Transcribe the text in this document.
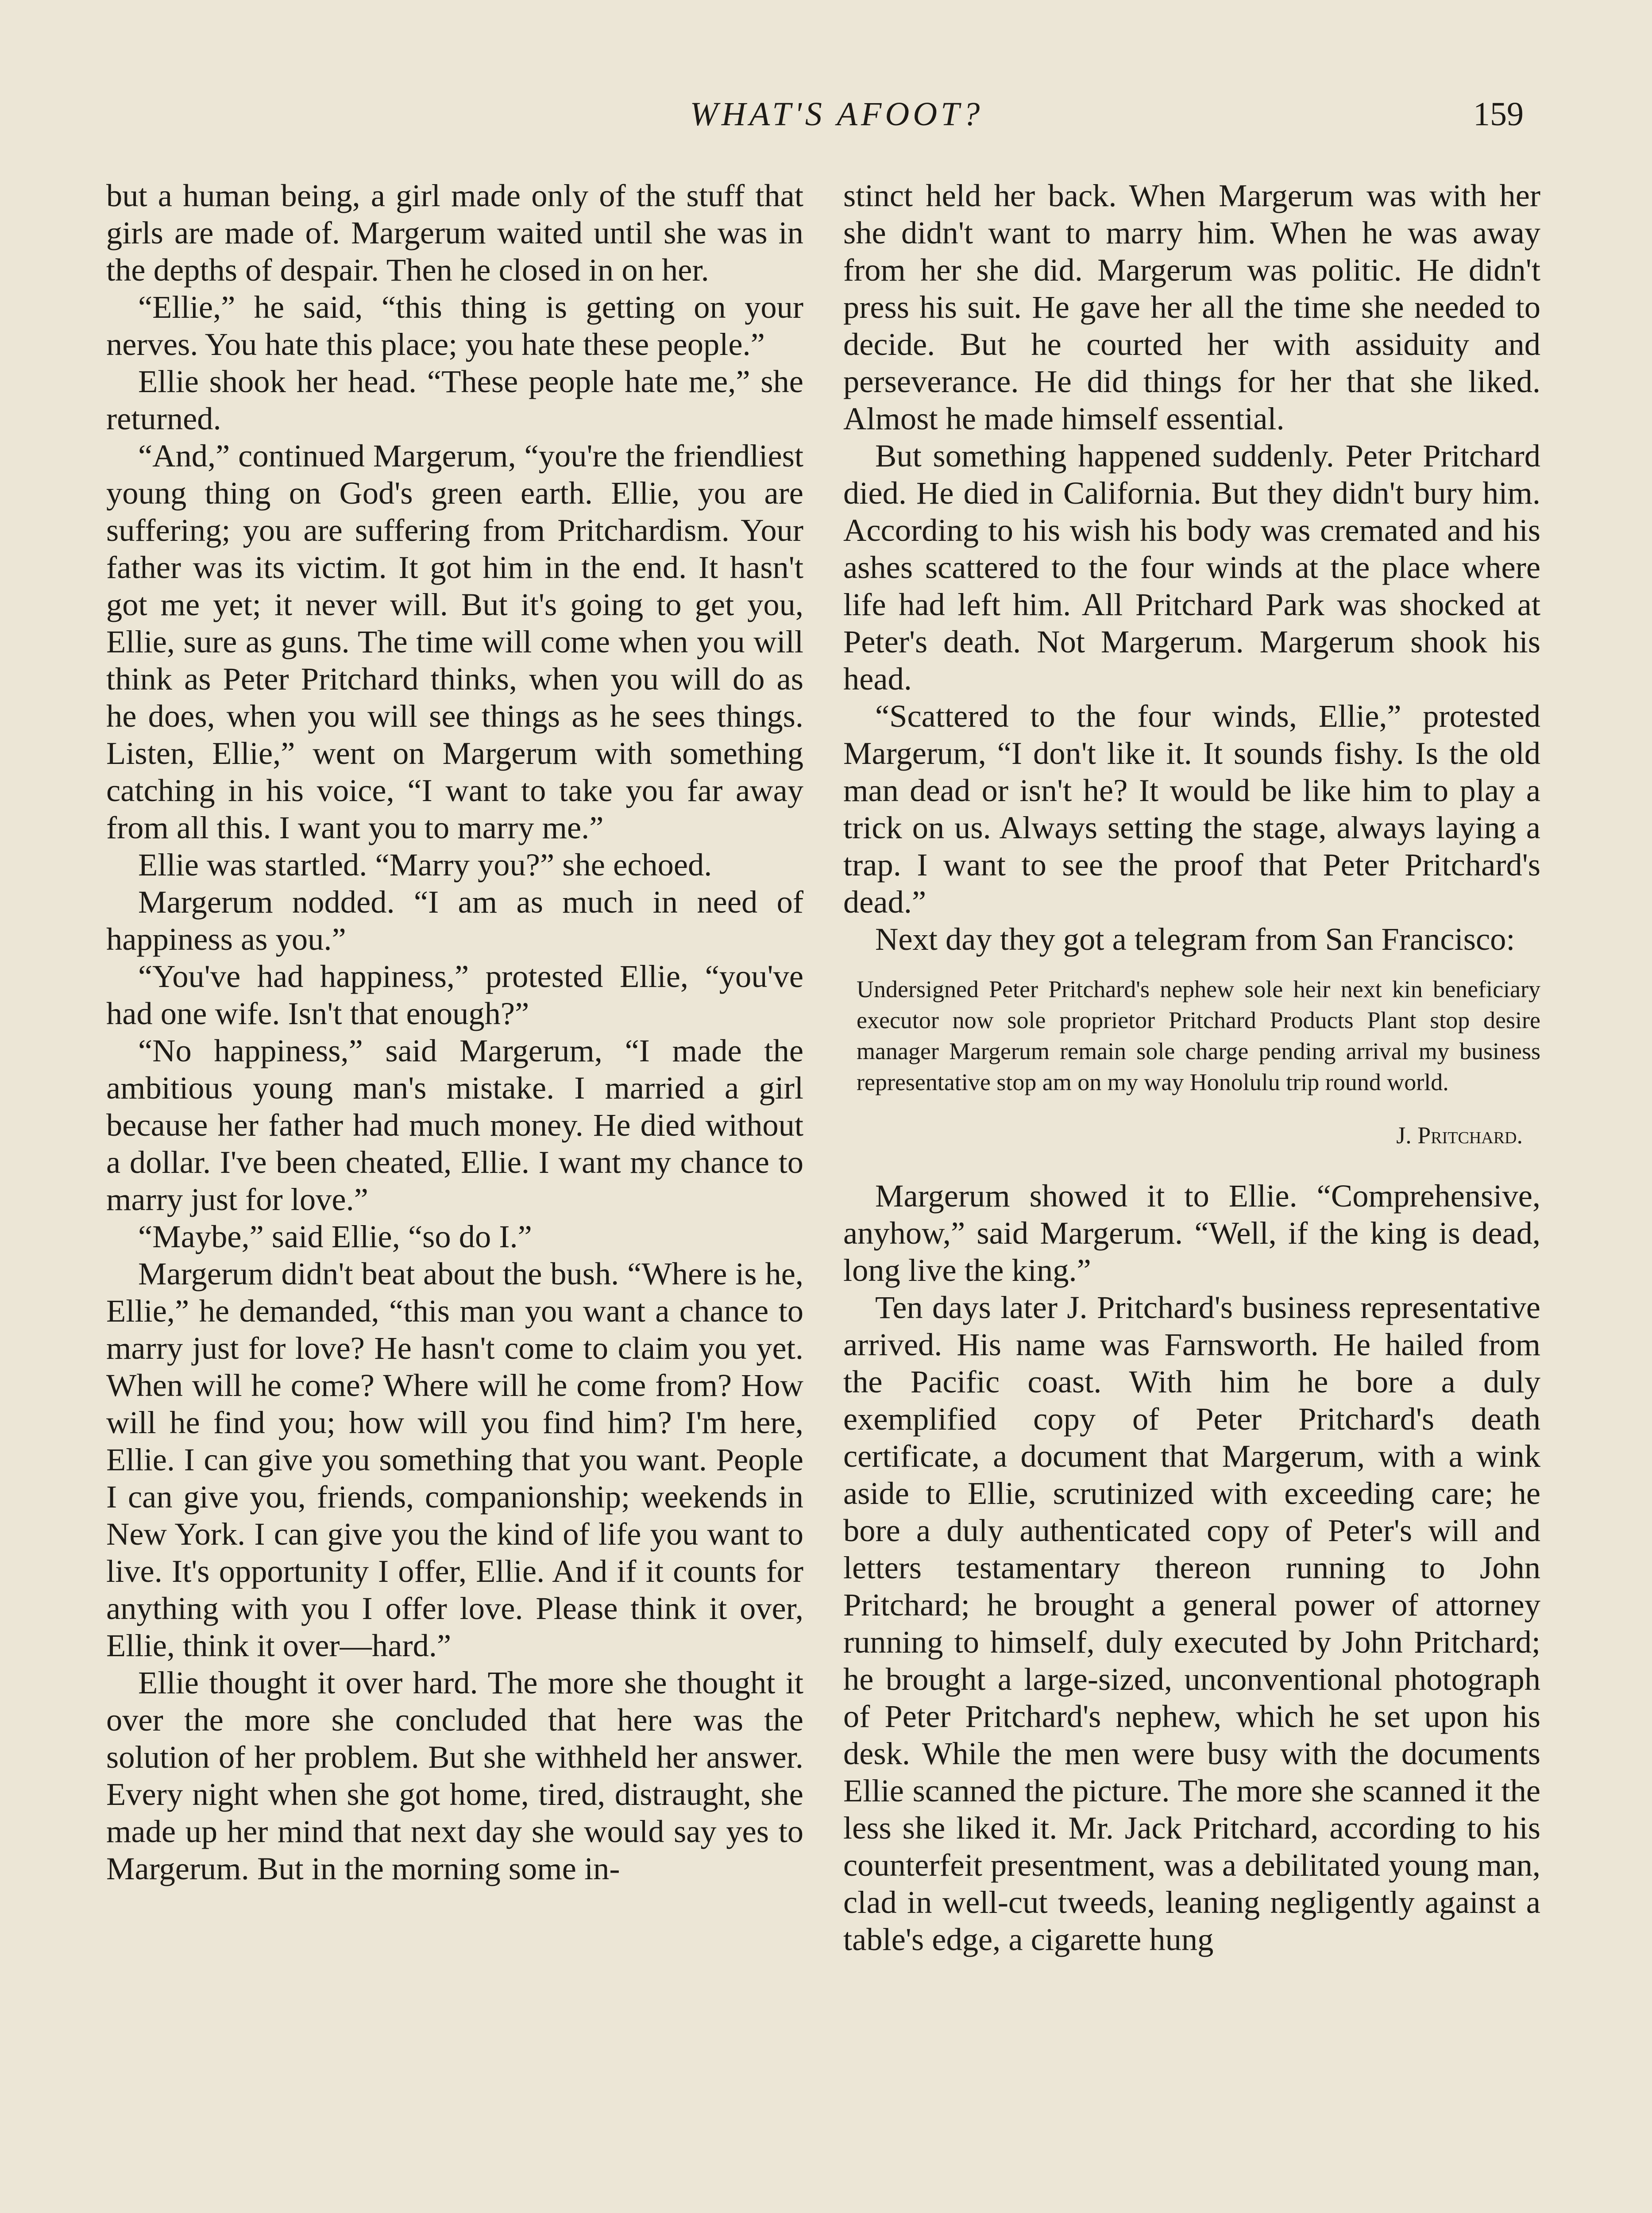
WHAT'S AFOOT?	159

but a human being, a girl made only of the stuff that girls are made of. Margerum waited until she was in the depths of despair. Then he closed in on her.

“Ellie,” he said, “this thing is getting on your nerves. You hate this place; you hate these people.”

Ellie shook her head. “These people hate me,” she returned.

“And,” continued Margerum, “you're the friendliest young thing on God's green earth. Ellie, you are suffering; you are suffering from Pritchardism. Your father was its victim. It got him in the end. It hasn't got me yet; it never will. But it's going to get you, Ellie, sure as guns. The time will come when you will think as Peter Pritchard thinks, when you will do as he does, when you will see things as he sees things. Listen, Ellie,” went on Margerum with something catching in his voice, “I want to take you far away from all this. I want you to marry me.”

Ellie was startled. “Marry you?” she echoed.

Margerum nodded. “I am as much in need of happiness as you.”

“You've had happiness,” protested Ellie, “you've had one wife. Isn't that enough?”

“No happiness,” said Margerum, “I made the ambitious young man's mistake. I married a girl because her father had much money. He died without a dollar. I've been cheated, Ellie. I want my chance to marry just for love.”

“Maybe,” said Ellie, “so do I.”

Margerum didn't beat about the bush. “Where is he, Ellie,” he demanded, “this man you want a chance to marry just for love? He hasn't come to claim you yet. When will he come? Where will he come from? How will he find you; how will you find him? I'm here, Ellie. I can give you something that you want. People I can give you, friends, companionship; weekends in New York. I can give you the kind of life you want to live. It's opportunity I offer, Ellie. And if it counts for anything with you I offer love. Please think it over, Ellie, think it over—hard.”

Ellie thought it over hard. The more she thought it over the more she concluded that here was the solution of her problem. But she withheld her answer. Every night when she got home, tired, distraught, she made up her mind that next day she would say yes to Margerum. But in the morning some in-

stinct held her back. When Margerum was with her she didn't want to marry him. When he was away from her she did. Margerum was politic. He didn't press his suit. He gave her all the time she needed to decide. But he courted her with assiduity and perseverance. He did things for her that she liked. Almost he made himself essential.

But something happened suddenly. Peter Pritchard died. He died in California. But they didn't bury him. According to his wish his body was cremated and his ashes scattered to the four winds at the place where life had left him. All Pritchard Park was shocked at Peter's death. Not Margerum. Margerum shook his head.

“Scattered to the four winds, Ellie,” protested Margerum, “I don't like it. It sounds fishy. Is the old man dead or isn't he? It would be like him to play a trick on us. Always setting the stage, always laying a trap. I want to see the proof that Peter Pritchard's dead.”

Next day they got a telegram from San Francisco:

Undersigned Peter Pritchard's nephew sole heir next kin beneficiary executor now sole proprietor Pritchard Products Plant stop desire manager Margerum remain sole charge pending arrival my business representative stop am on my way Honolulu trip round world.
J. Pritchard.

Margerum showed it to Ellie. “Comprehensive, anyhow,” said Margerum. “Well, if the king is dead, long live the king.”

Ten days later J. Pritchard's business representative arrived. His name was Farnsworth. He hailed from the Pacific coast. With him he bore a duly exemplified copy of Peter Pritchard's death certificate, a document that Margerum, with a wink aside to Ellie, scrutinized with exceeding care; he bore a duly authenticated copy of Peter's will and letters testamentary thereon running to John Pritchard; he brought a general power of attorney running to himself, duly executed by John Pritchard; he brought a large-sized, unconventional photograph of Peter Pritchard's nephew, which he set upon his desk. While the men were busy with the documents Ellie scanned the picture. The more she scanned it the less she liked it. Mr. Jack Pritchard, according to his counterfeit presentment, was a debilitated young man, clad in well-cut tweeds, leaning negligently against a table's edge, a cigarette hung
